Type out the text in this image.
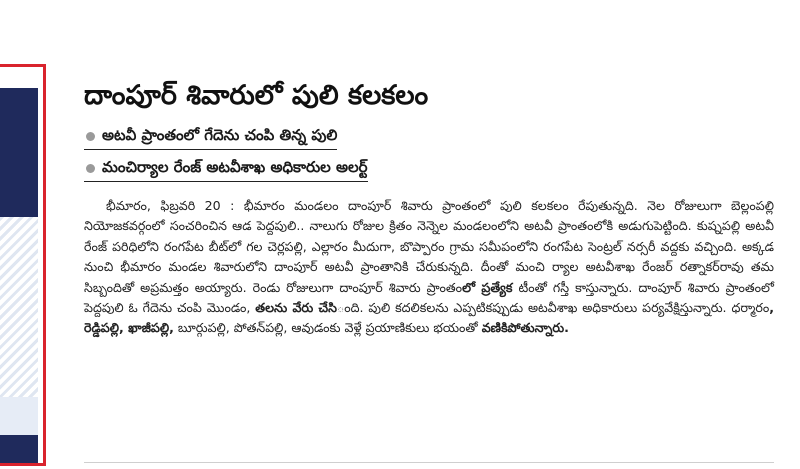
దాంపూర్ శివారులో పులి కలకలం
అటవీ ప్రాంతంలో గేదెను చంపి తిన్న పులి
మంచిర్యాల రేంజ్ అటవీశాఖ అధికారుల అలర్ట్

భీమారం, ఫిబ్రవరి 20 : భీమారం మండలం దాంపూర్ శివారు ప్రాంతంలో పులి కలకలం రేపుతున్నది. నెల రోజులుగా బెల్లంపల్లి నియోజకవర్గంలో సంచరించిన ఆడ పెద్దపులి.. నాలుగు రోజుల క్రితం నెన్నెల మండలంలోని అటవీ ప్రాంతంలోకి అడుగుపెట్టింది. కుష్నపల్లి అటవీ రేంజ్ పరిధిలోని రంగపేట బీట్‌లో గల చెర్లపల్లి, ఎల్లారం మీదుగా, బొప్పారం గ్రామ సమీపంలోని రంగపేట సెంట్రల్ నర్సరీ వద్దకు వచ్చింది. అక్కడ నుంచి భీమారం మండల శివారులోని దాంపూర్ అటవీ ప్రాంతానికి చేరుకున్నది. దీంతో మంచి ర్యాల అటవీశాఖ రేంజర్ రత్నాకర్‌రావు తమ సిబ్బందితో అప్రమత్తం అయ్యారు. రెండు రోజులుగా దాంపూర్ శివారు ప్రాంతంలో ప్రత్యేక టీంతో గస్తీ కాస్తున్నారు. దాంపూర్ శివారు ప్రాంతంలో పెద్దపులి ఓ గేదెను చంపి మొండం, తలను వేరు చేసింది. పులి కదలికలను ఎప్పటికప్పుడు అటవీశాఖ అధికారులు పర్యవేక్షిస్తున్నారు. ధర్మారం, రెడ్డిపల్లి, ఖాజీపల్లి, బూర్గుపల్లి, పోతన్‌పల్లి, ఆవుడంకు వెళ్లే ప్రయాణికులు భయంతో వణికిపోతున్నారు.
